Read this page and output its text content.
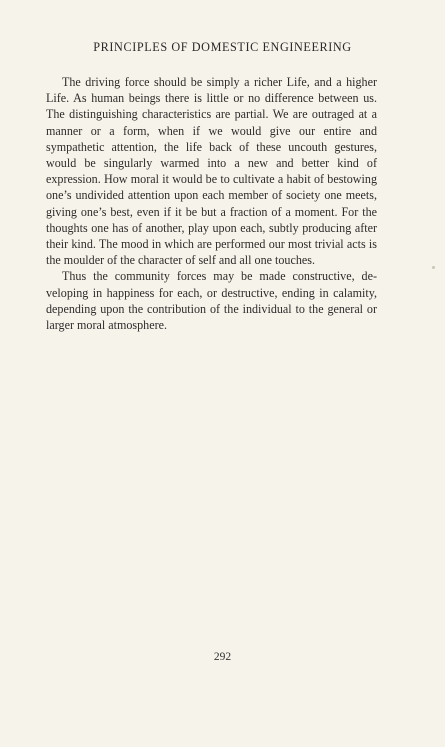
PRINCIPLES OF DOMESTIC ENGINEERING

The driving force should be simply a richer Life, and a higher Life. As human beings there is little or no difference between us. The distinguishing characteristics are partial. We are outraged at a manner or a form, when if we would give our entire and sympathetic attention, the life back of these uncouth gestures, would be singularly warmed into a new and better kind of expression. How moral it would be to cultivate a habit of bestowing one’s undivided attention upon each member of society one meets, giving one’s best, even if it be but a fraction of a moment. For the thoughts one has of another, play upon each, subtly producing after their kind. The mood in which are performed our most trivial acts is the moulder of the character of self and all one touches.

Thus the community forces may be made constructive, developing in happiness for each, or destructive, ending in calamity, depending upon the contribution of the individual to the general or larger moral atmosphere.

292
